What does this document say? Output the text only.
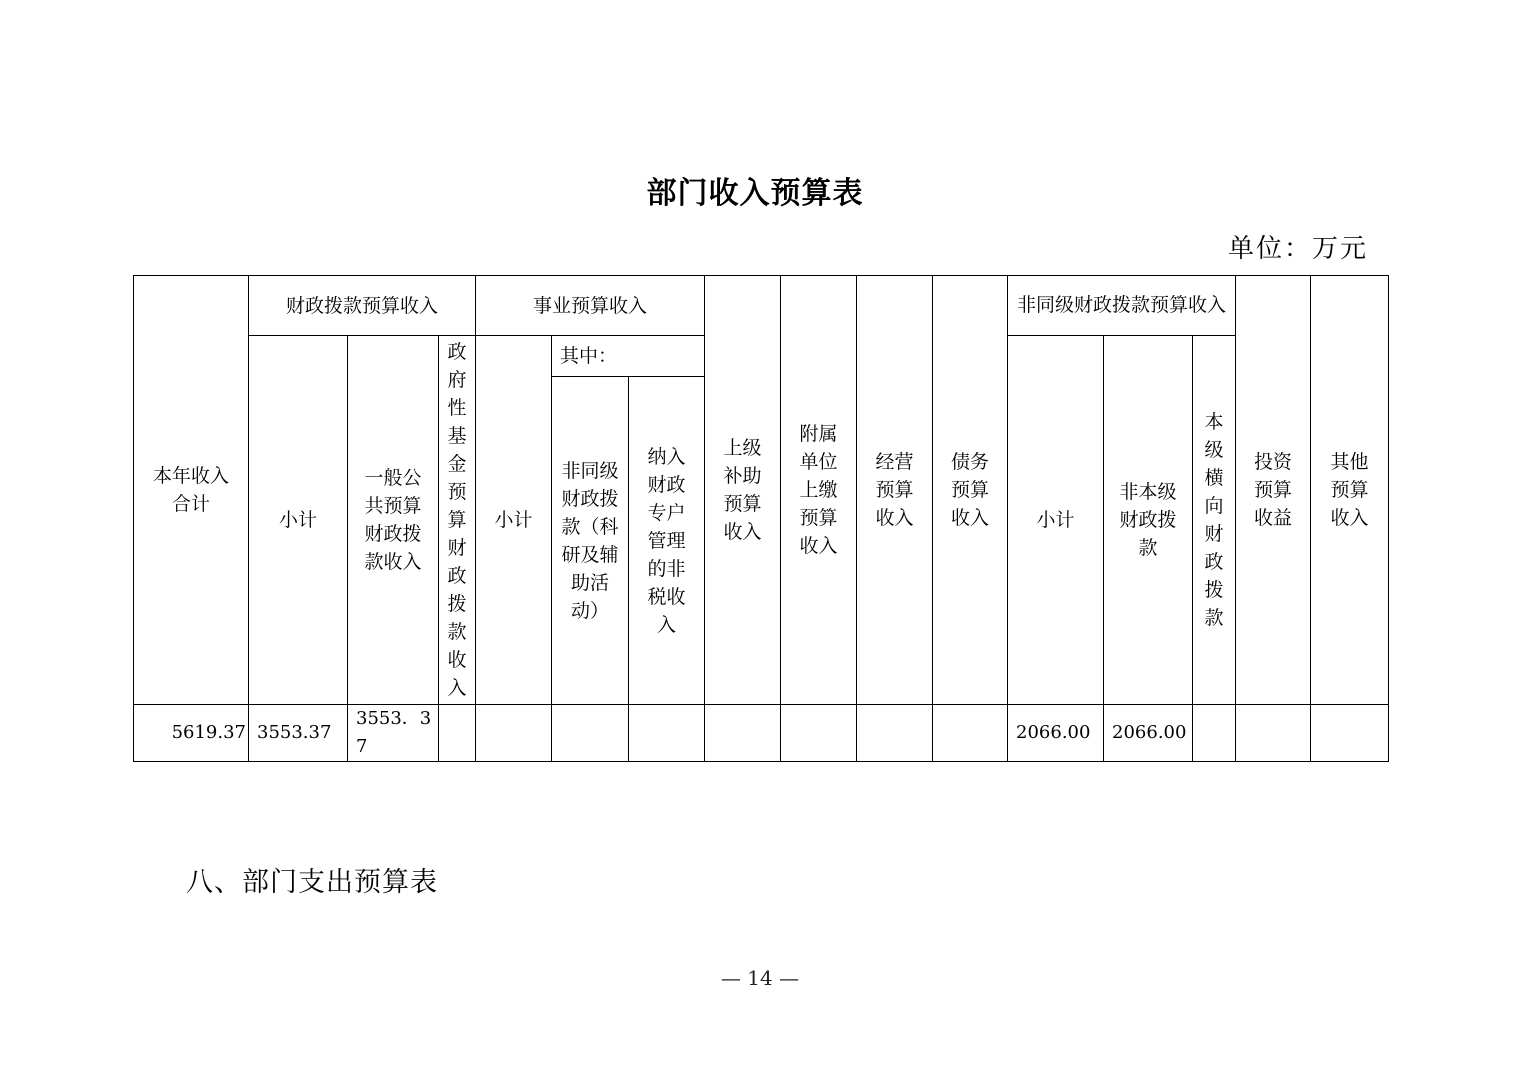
部门收入预算表
单位：万元
本年收入合计	财政拨款预算收入			事业预算收入			上级补助预算收入	附属单位上缴预算收入	经营预算收入	债务预算收入	非同级财政拨款预算收入			投资预算收益	其他预算收入
	小计	一般公共预算财政拨款收入	政府性基金预算财政拨款收入	小计	其中：						小计	非本级财政拨款	本级横向财政拨款		
					非同级财政拨款（科研及辅助活动）	纳入财政专户管理的非税收入									
5619.37	3553.37	3553．37									2066.00	2066.00			
八、部门支出预算表
— 14 —
